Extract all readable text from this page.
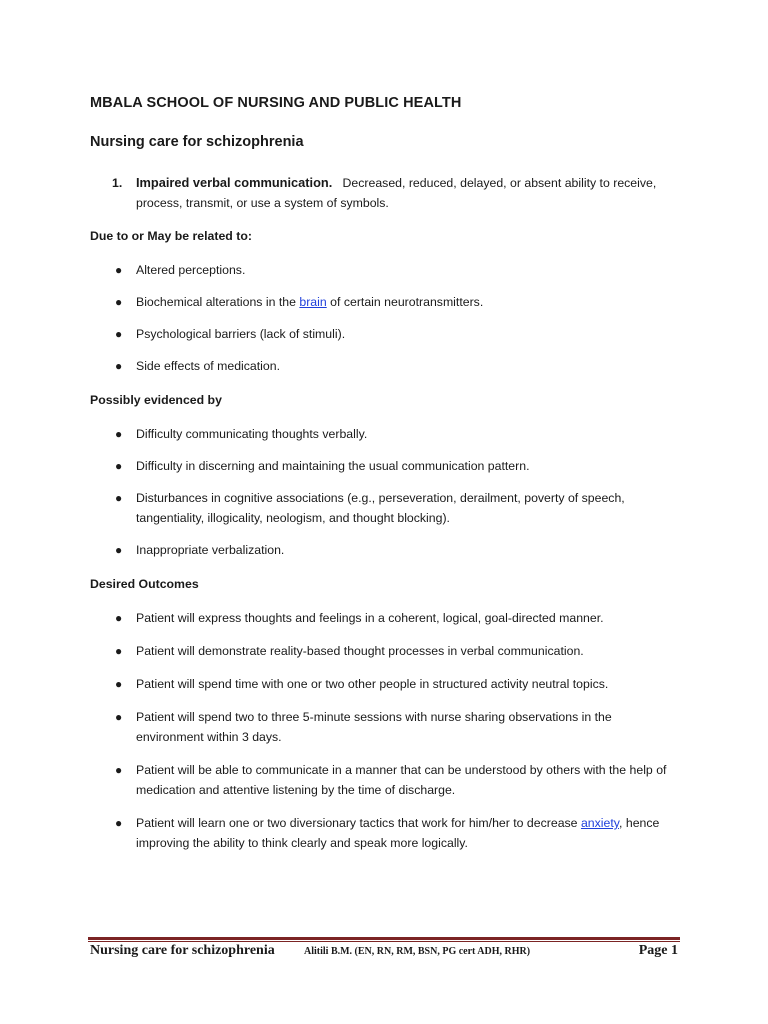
MBALA SCHOOL OF NURSING AND PUBLIC HEALTH
Nursing care for schizophrenia
1. Impaired verbal communication. Decreased, reduced, delayed, or absent ability to receive, process, transmit, or use a system of symbols.
Due to or May be related to:
● Altered perceptions.
● Biochemical alterations in the brain of certain neurotransmitters.
● Psychological barriers (lack of stimuli).
● Side effects of medication.
Possibly evidenced by
● Difficulty communicating thoughts verbally.
● Difficulty in discerning and maintaining the usual communication pattern.
● Disturbances in cognitive associations (e.g., perseveration, derailment, poverty of speech, tangentiality, illogicality, neologism, and thought blocking).
● Inappropriate verbalization.
Desired Outcomes
● Patient will express thoughts and feelings in a coherent, logical, goal-directed manner.
● Patient will demonstrate reality-based thought processes in verbal communication.
● Patient will spend time with one or two other people in structured activity neutral topics.
● Patient will spend two to three 5-minute sessions with nurse sharing observations in the environment within 3 days.
● Patient will be able to communicate in a manner that can be understood by others with the help of medication and attentive listening by the time of discharge.
● Patient will learn one or two diversionary tactics that work for him/her to decrease anxiety, hence improving the ability to think clearly and speak more logically.
Nursing care for schizophrenia	Alitili B.M. (EN, RN, RM, BSN, PG cert ADH, RHR)	Page 1
